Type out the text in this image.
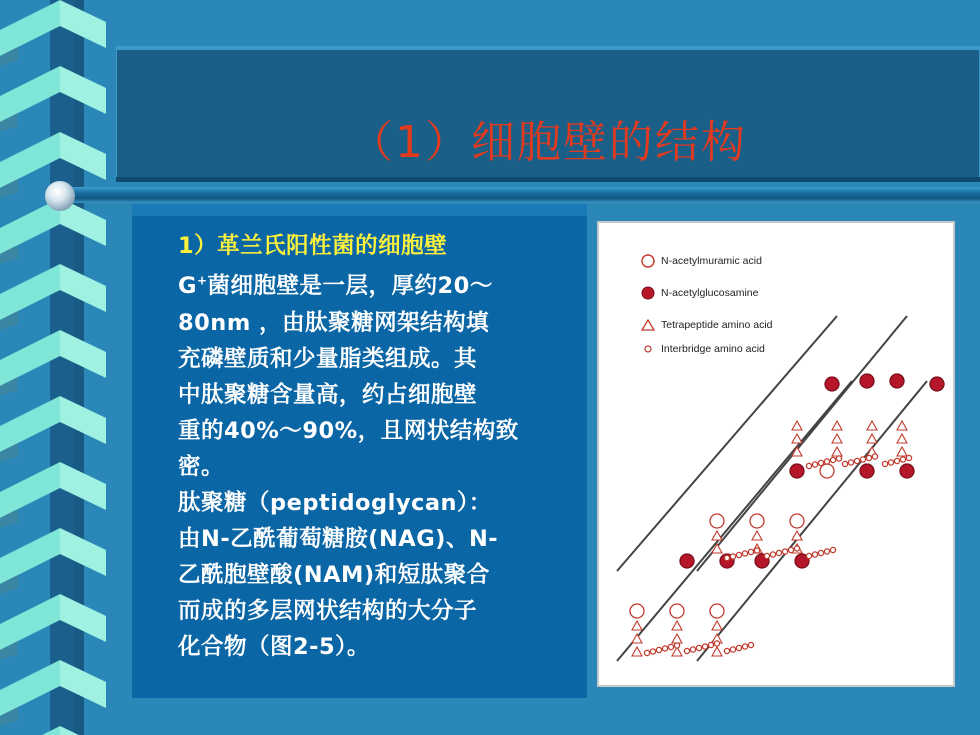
（1）细胞壁的结构
1）革兰氏阳性菌的细胞壁
G+菌细胞壁是一层，厚约20～
80nm ，由肽聚糖网架结构填
充磷壁质和少量脂类组成。其
中肽聚糖含量高，约占细胞壁
重的40%～90%，且网状结构致
密。
肽聚糖（peptidoglycan）：
由N-乙酰葡萄糖胺(NAG)、N-
乙酰胞壁酸(NAM)和短肽聚合
而成的多层网状结构的大分子
化合物（图2-5）。
N-acetylmuramic acid
N-acetylglucosamine
Tetrapeptide amino acid
Interbridge amino acid
